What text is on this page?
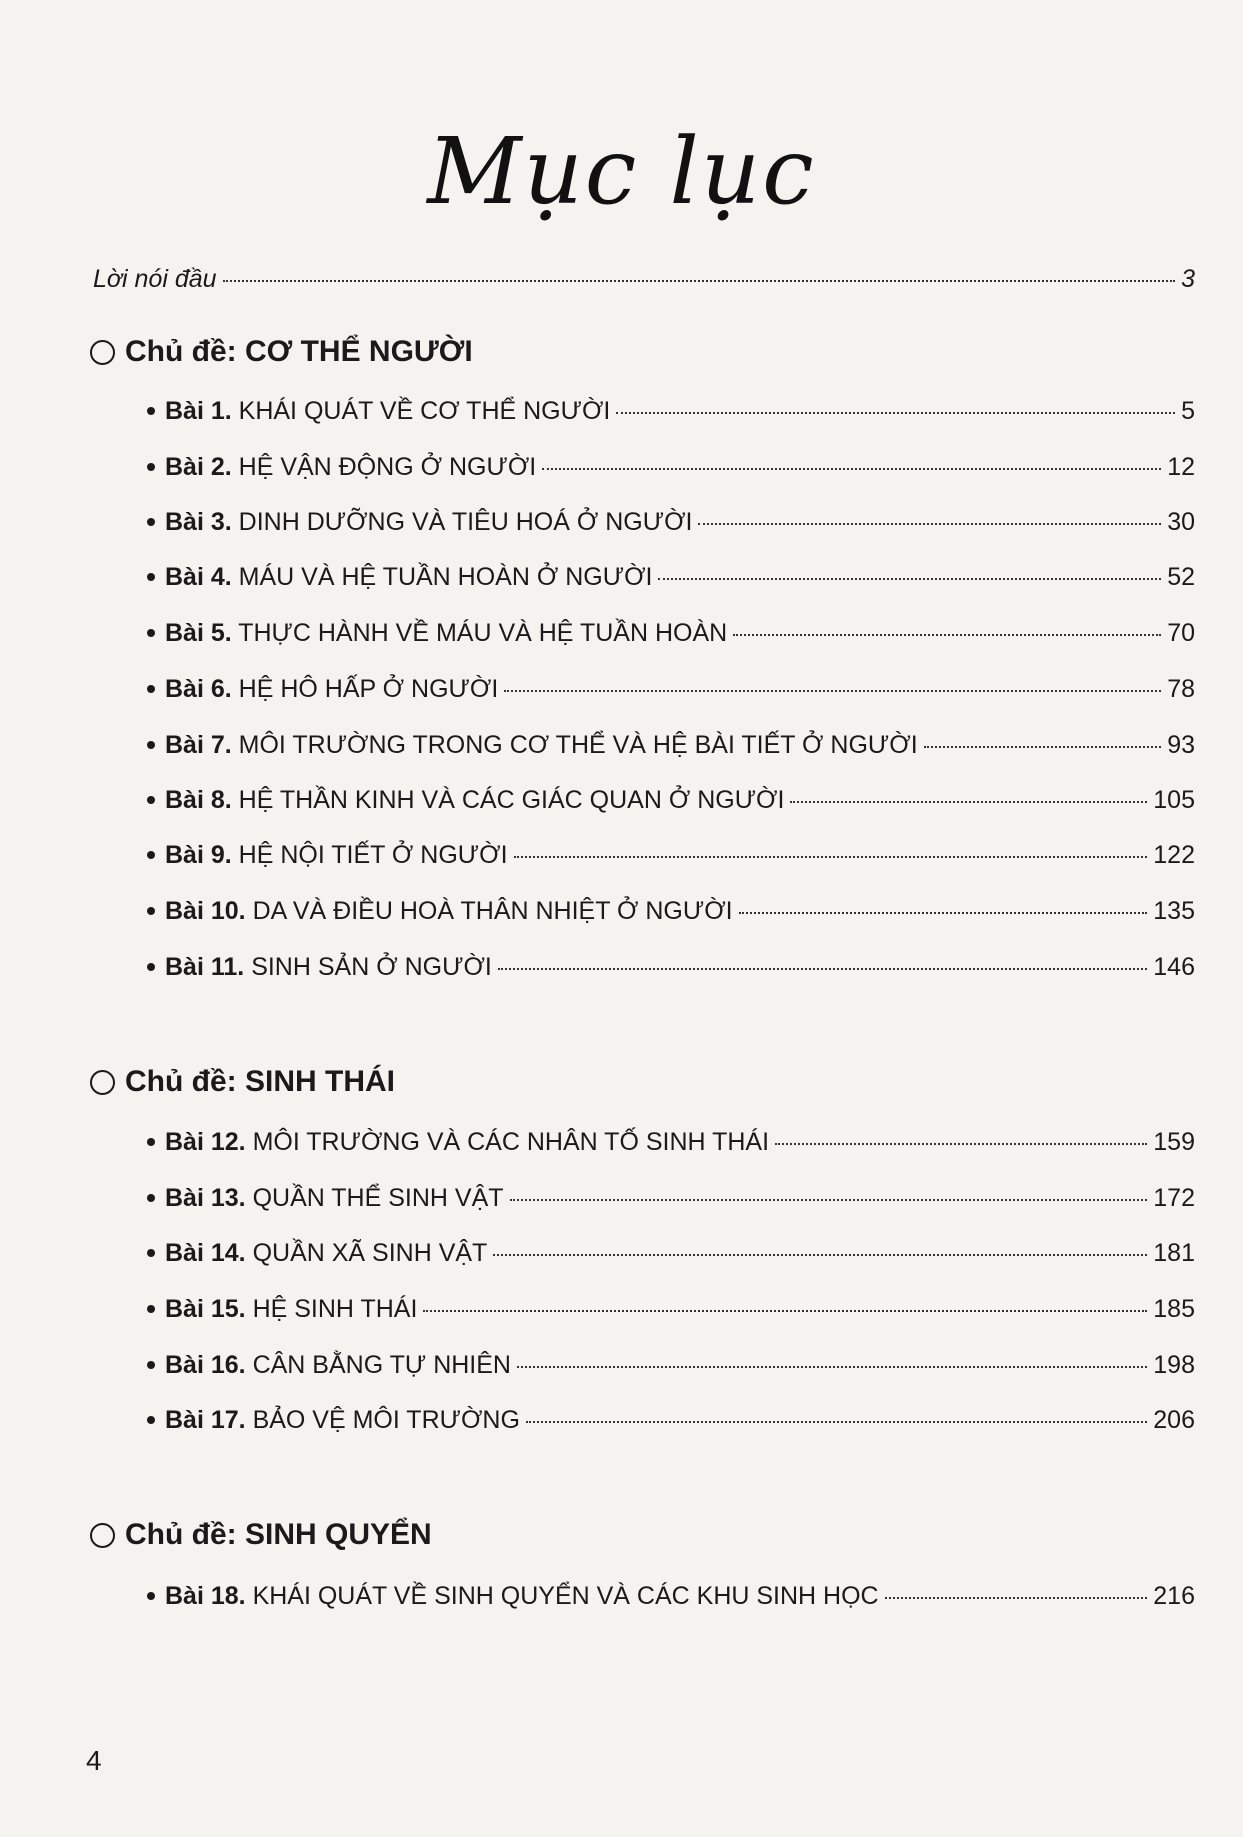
Mục lục
Lời nói đầu	3
Chủ đề: CƠ THỂ NGƯỜI
Bài 1. KHÁI QUÁT VỀ CƠ THỂ NGƯỜI	5
Bài 2. HỆ VẬN ĐỘNG Ở NGƯỜI	12
Bài 3. DINH DƯỠNG VÀ TIÊU HOÁ Ở NGƯỜI	30
Bài 4. MÁU VÀ HỆ TUẦN HOÀN Ở NGƯỜI	52
Bài 5. THỰC HÀNH VỀ MÁU VÀ HỆ TUẦN HOÀN	70
Bài 6. HỆ HÔ HẤP Ở NGƯỜI	78
Bài 7. MÔI TRƯỜNG TRONG CƠ THỂ VÀ HỆ BÀI TIẾT Ở NGƯỜI	93
Bài 8. HỆ THẦN KINH VÀ CÁC GIÁC QUAN Ở NGƯỜI	105
Bài 9. HỆ NỘI TIẾT Ở NGƯỜI	122
Bài 10. DA VÀ ĐIỀU HOÀ THÂN NHIỆT Ở NGƯỜI	135
Bài 11. SINH SẢN Ở NGƯỜI	146
Chủ đề: SINH THÁI
Bài 12. MÔI TRƯỜNG VÀ CÁC NHÂN TỐ SINH THÁI	159
Bài 13. QUẦN THỂ SINH VẬT	172
Bài 14. QUẦN XÃ SINH VẬT	181
Bài 15. HỆ SINH THÁI	185
Bài 16. CÂN BẰNG TỰ NHIÊN	198
Bài 17. BẢO VỆ MÔI TRƯỜNG	206
Chủ đề: SINH QUYỂN
Bài 18. KHÁI QUÁT VỀ SINH QUYỂN VÀ CÁC KHU SINH HỌC	216
4
